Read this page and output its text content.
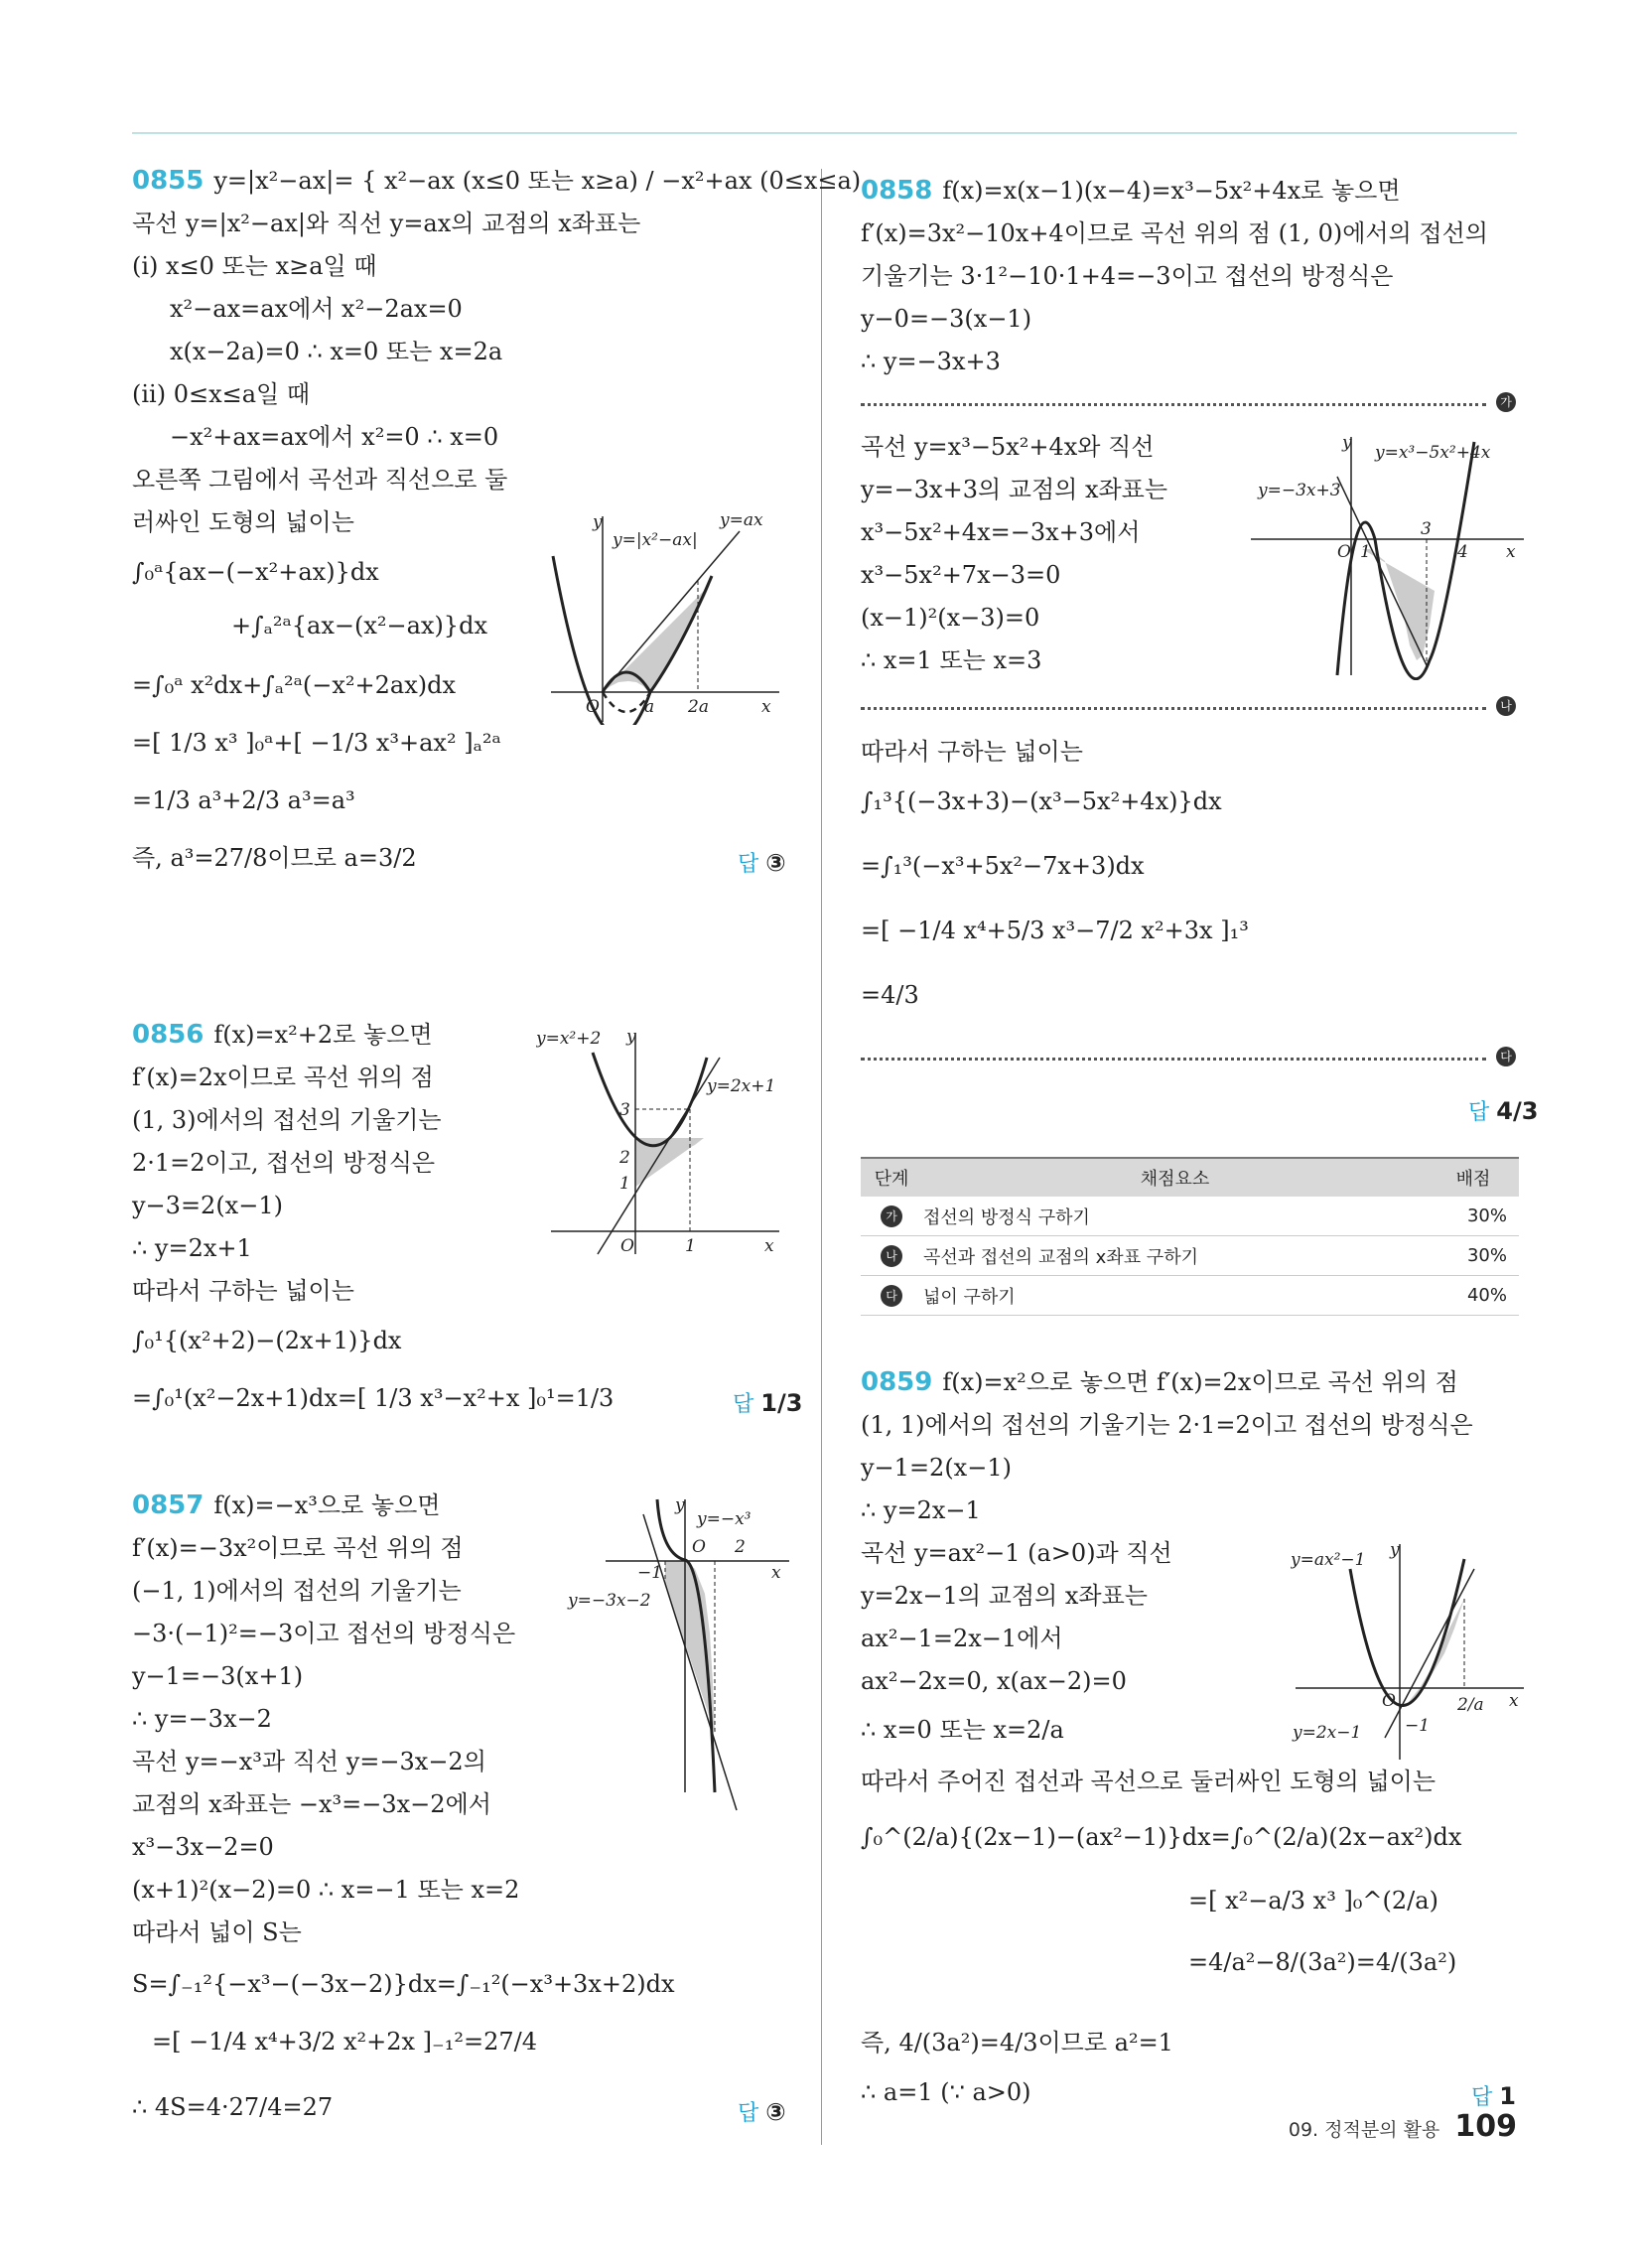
0855 y=|x²−ax|= { x²−ax (x≤0 또는 x≥a) / −x²+ax (0≤x≤a)
곡선 y=|x²−ax|와 직선 y=ax의 교점의 x좌표는
(i) x≤0 또는 x≥a일 때
x²−ax=ax에서 x²−2ax=0
x(x−2a)=0 ∴ x=0 또는 x=2a
(ii) 0≤x≤a일 때
−x²+ax=ax에서 x²=0 ∴ x=0
오른쪽 그림에서 곡선과 직선으로 둘
러싸인 도형의 넓이는
∫₀ᵃ{ax−(−x²+ax)}dx
+∫ₐ²ᵃ{ax−(x²−ax)}dx
=∫₀ᵃ x²dx+∫ₐ²ᵃ(−x²+2ax)dx
=[ 1/3 x³ ]₀ᵃ+[ −1/3 x³+ax² ]ₐ²ᵃ
=1/3 a³+2/3 a³=a³
즉, a³=27/8이므로 a=3/2	답 ③
y
y=|x²−ax|
y=ax
O	a 2a	x
0856 f(x)=x²+2로 놓으면
f′(x)=2x이므로 곡선 위의 점
(1, 3)에서의 접선의 기울기는
2·1=2이고, 접선의 방정식은
y−3=2(x−1)
∴ y=2x+1
따라서 구하는 넓이는
∫₀¹{(x²+2)−(2x+1)}dx
=∫₀¹(x²−2x+1)dx=[ 1/3 x³−x²+x ]₀¹=1/3	답 1/3
y=x²+2 y
y=2x+1
3
2
1
O	1	x
0857 f(x)=−x³으로 놓으면
f′(x)=−3x²이므로 곡선 위의 점
(−1, 1)에서의 접선의 기울기는
−3·(−1)²=−3이고 접선의 방정식은
y−1=−3(x+1)
∴ y=−3x−2
곡선 y=−x³과 직선 y=−3x−2의
교점의 x좌표는 −x³=−3x−2에서
x³−3x−2=0
(x+1)²(x−2)=0 ∴ x=−1 또는 x=2
따라서 넓이 S는
S=∫₋₁²{−x³−(−3x−2)}dx=∫₋₁²(−x³+3x+2)dx
=[ −1/4 x⁴+3/2 x²+2x ]₋₁²=27/4
∴ 4S=4·27/4=27	답 ③
y
y=−x³
O 2
x
−1
y=−3x−2
0858 f(x)=x(x−1)(x−4)=x³−5x²+4x로 놓으면
f′(x)=3x²−10x+4이므로 곡선 위의 점 (1, 0)에서의 접선의
기울기는 3·1²−10·1+4=−3이고 접선의 방정식은
y−0=−3(x−1)
∴ y=−3x+3
가
곡선 y=x³−5x²+4x와 직선
y=−3x+3의 교점의 x좌표는
x³−5x²+4x=−3x+3에서
x³−5x²+7x−3=0
(x−1)²(x−3)=0
∴ x=1 또는 x=3
나
따라서 구하는 넓이는
∫₁³{(−3x+3)−(x³−5x²+4x)}dx
=∫₁³(−x³+5x²−7x+3)dx
=[ −1/4 x⁴+5/3 x³−7/2 x²+3x ]₁³
=4/3
다
답 4/3
y y=x³−5x²+4x
y=−3x+3
O 1
3
4 x
단계	채점요소	배점
가	접선의 방정식 구하기	30%
나	곡선과 접선의 교점의 x좌표 구하기	30%
다	넓이 구하기	40%
0859 f(x)=x²으로 놓으면 f′(x)=2x이므로 곡선 위의 점
(1, 1)에서의 접선의 기울기는 2·1=2이고 접선의 방정식은
y−1=2(x−1)
∴ y=2x−1
곡선 y=ax²−1 (a>0)과 직선
y=2x−1의 교점의 x좌표는
ax²−1=2x−1에서
ax²−2x=0, x(ax−2)=0
∴ x=0 또는 x=2/a
따라서 주어진 접선과 곡선으로 둘러싸인 도형의 넓이는
∫₀^(2/a){(2x−1)−(ax²−1)}dx=∫₀^(2/a)(2x−ax²)dx
=[ x²−a/3 x³ ]₀^(2/a)
=4/a²−8/(3a²)=4/(3a²)
즉, 4/(3a²)=4/3이므로 a²=1
∴ a=1 (∵ a>0)	답 1
y=ax²−1 y
O	2/a x
y=2x−1	−1
09. 정적분의 활용 109
